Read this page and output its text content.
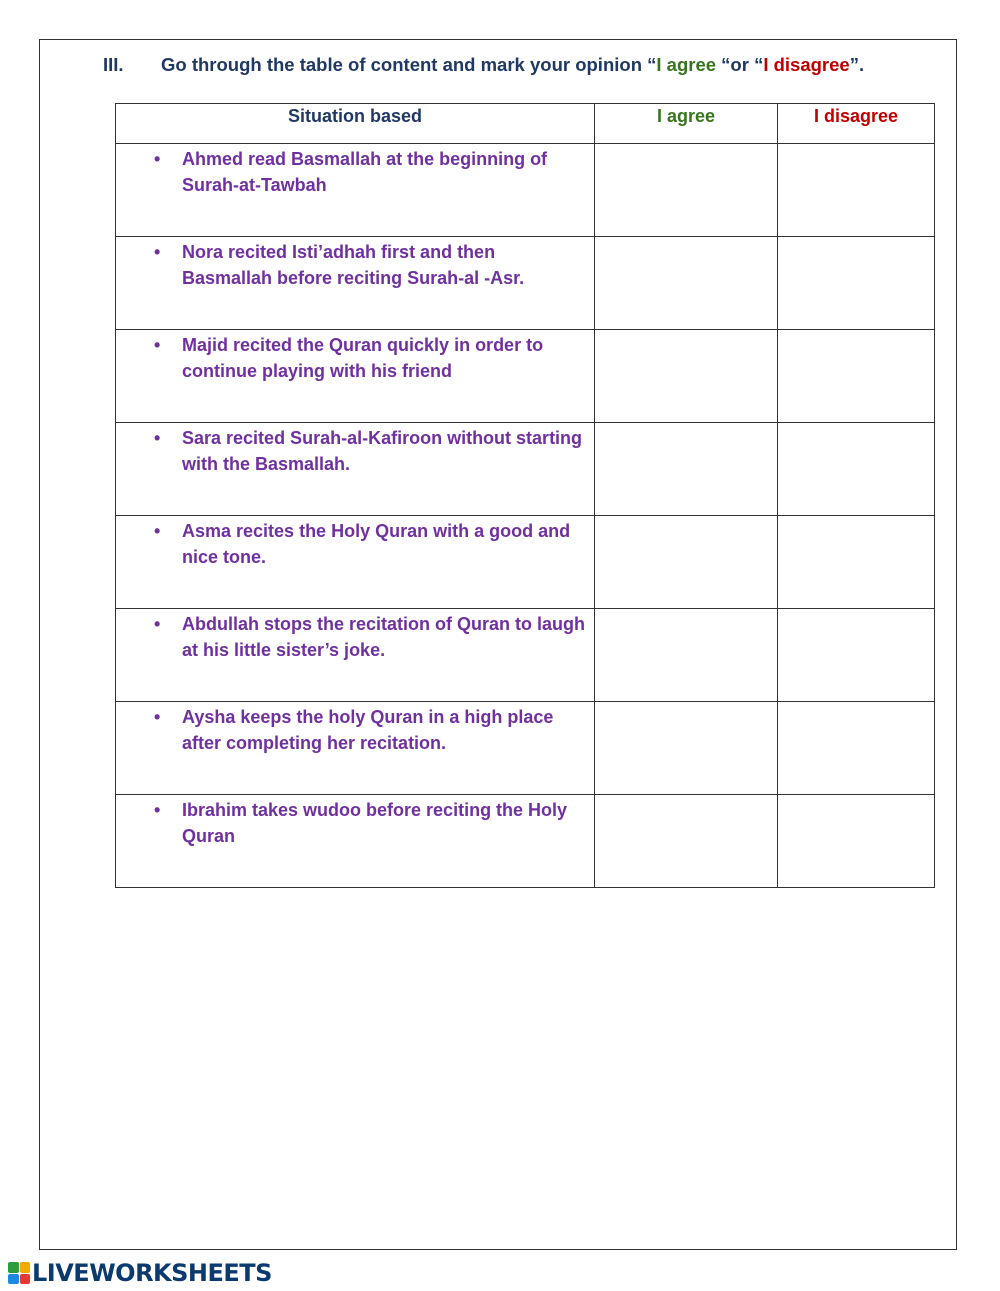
III. Go through the table of content and mark your opinion “I agree “or “I disagree”.
Situation based	I agree	I disagree

• Ahmed read Basmallah at the beginning of Surah-at-Tawbah		

• Nora recited Isti’adhah first and then Basmallah before reciting Surah-al -Asr.		

• Majid recited the Quran quickly in order to continue playing with his friend		

• Sara recited Surah-al-Kafiroon without starting with the Basmallah.		

• Asma recites the Holy Quran with a good and nice tone.		

• Abdullah stops the recitation of Quran to laugh at his little sister’s joke.		

• Aysha keeps the holy Quran in a high place after completing her recitation.		

• Ibrahim takes wudoo before reciting the Holy Quran		
LIVEWORKSHEETS
